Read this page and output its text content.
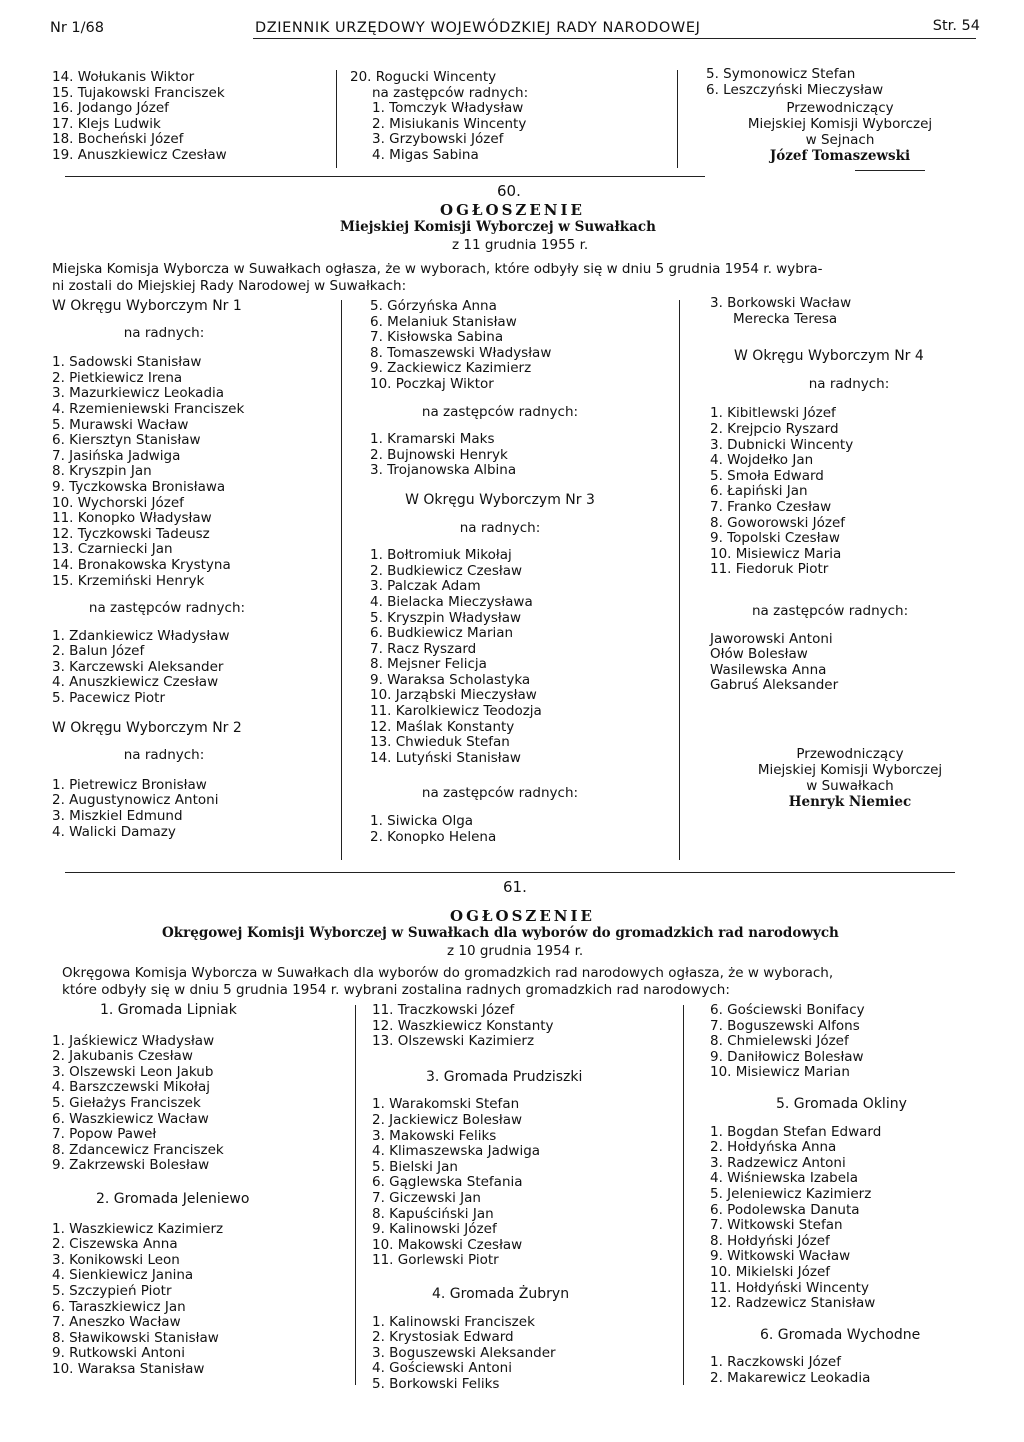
Nr 1/68	DZIENNIK URZĘDOWY WOJEWÓDZKIEJ RADY NARODOWEJ	Str. 54
14. Wołukanis Wiktor
15. Tujakowski Franciszek
16. Jodango Józef
17. Klejs Ludwik
18. Bocheński Józef
19. Anuszkiewicz Czesław
20. Rogucki Wincenty
na zastępców radnych:
1. Tomczyk Władysław
2. Misiukanis Wincenty
3. Grzybowski Józef
4. Migas Sabina
5. Symonowicz Stefan
6. Leszczyński Mieczysław
Przewodniczący
Miejskiej Komisji Wyborczej
w Sejnach
Józef Tomaszewski
60.
OGŁOSZENIE
Miejskiej Komisji Wyborczej w Suwałkach
z 11 grudnia 1955 r.
Miejska Komisja Wyborcza w Suwałkach ogłasza, że w wyborach, które odbyły się w dniu 5 grudnia 1954 r. wybra-
ni zostali do Miejskiej Rady Narodowej w Suwałkach:
W Okręgu Wyborczym Nr 1
na radnych:
1. Sadowski Stanisław
2. Pietkiewicz Irena
3. Mazurkiewicz Leokadia
4. Rzemieniewski Franciszek
5. Murawski Wacław
6. Kiersztyn Stanisław
7. Jasińska Jadwiga
8. Kryszpin Jan
9. Tyczkowska Bronisława
10. Wychorski Józef
11. Konopko Władysław
12. Tyczkowski Tadeusz
13. Czarniecki Jan
14. Bronakowska Krystyna
15. Krzemiński Henryk
na zastępców radnych:
1. Zdankiewicz Władysław
2. Balun Józef
3. Karczewski Aleksander
4. Anuszkiewicz Czesław
5. Pacewicz Piotr
W Okręgu Wyborczym Nr 2
na radnych:
1. Pietrewicz Bronisław
2. Augustynowicz Antoni
3. Miszkiel Edmund
4. Walicki Damazy
5. Górzyńska Anna
6. Melaniuk Stanisław
7. Kisłowska Sabina
8. Tomaszewski Władysław
9. Zackiewicz Kazimierz
10. Poczkaj Wiktor
na zastępców radnych:
1. Kramarski Maks
2. Bujnowski Henryk
3. Trojanowska Albina
W Okręgu Wyborczym Nr 3
na radnych:
1. Bołtromiuk Mikołaj
2. Budkiewicz Czesław
3. Palczak Adam
4. Bielacka Mieczysława
5. Kryszpin Władysław
6. Budkiewicz Marian
7. Racz Ryszard
8. Mejsner Felicja
9. Waraksa Scholastyka
10. Jarząbski Mieczysław
11. Karolkiewicz Teodozja
12. Maślak Konstanty
13. Chwieduk Stefan
14. Lutyński Stanisław
na zastępców radnych:
1. Siwicka Olga
2. Konopko Helena
3. Borkowski Wacław
Merecka Teresa
W Okręgu Wyborczym Nr 4
na radnych:
1. Kibitlewski Józef
2. Krejpcio Ryszard
3. Dubnicki Wincenty
4. Wojdełko Jan
5. Smoła Edward
6. Łapiński Jan
7. Franko Czesław
8. Goworowski Józef
9. Topolski Czesław
10. Misiewicz Maria
11. Fiedoruk Piotr
na zastępców radnych:
Jaworowski Antoni
Ołów Bolesław
Wasilewska Anna
Gabruś Aleksander
Przewodniczący
Miejskiej Komisji Wyborczej
w Suwałkach
Henryk Niemiec
61.
OGŁOSZENIE
Okręgowej Komisji Wyborczej w Suwałkach dla wyborów do gromadzkich rad narodowych
z 10 grudnia 1954 r.
Okręgowa Komisja Wyborcza w Suwałkach dla wyborów do gromadzkich rad narodowych ogłasza, że w wyborach,
które odbyły się w dniu 5 grudnia 1954 r. wybrani zostalina radnych gromadzkich rad narodowych:
1. Gromada Lipniak
1. Jaśkiewicz Władysław
2. Jakubanis Czesław
3. Olszewski Leon Jakub
4. Barszczewski Mikołaj
5. Giełażys Franciszek
6. Waszkiewicz Wacław
7. Popow Paweł
8. Zdancewicz Franciszek
9. Zakrzewski Bolesław
2. Gromada Jeleniewo
1. Waszkiewicz Kazimierz
2. Ciszewska Anna
3. Konikowski Leon
4. Sienkiewicz Janina
5. Szczypień Piotr
6. Taraszkiewicz Jan
7. Aneszko Wacław
8. Sławikowski Stanisław
9. Rutkowski Antoni
10. Waraksa Stanisław
11. Traczkowski Józef
12. Waszkiewicz Konstanty
13. Olszewski Kazimierz
3. Gromada Prudziszki
1. Warakomski Stefan
2. Jackiewicz Bolesław
3. Makowski Feliks
4. Klimaszewska Jadwiga
5. Bielski Jan
6. Gąglewska Stefania
7. Giczewski Jan
8. Kapuściński Jan
9. Kalinowski Józef
10. Makowski Czesław
11. Gorlewski Piotr
4. Gromada Żubryn
1. Kalinowski Franciszek
2. Krystosiak Edward
3. Boguszewski Aleksander
4. Gościewski Antoni
5. Borkowski Feliks
6. Gościewski Bonifacy
7. Boguszewski Alfons
8. Chmielewski Józef
9. Daniłowicz Bolesław
10. Misiewicz Marian
5. Gromada Okliny
1. Bogdan Stefan Edward
2. Hołdyńska Anna
3. Radzewicz Antoni
4. Wiśniewska Izabela
5. Jeleniewicz Kazimierz
6. Podolewska Danuta
7. Witkowski Stefan
8. Hołdyński Józef
9. Witkowski Wacław
10. Mikielski Józef
11. Hołdyński Wincenty
12. Radzewicz Stanisław
6. Gromada Wychodne
1. Raczkowski Józef
2. Makarewicz Leokadia
